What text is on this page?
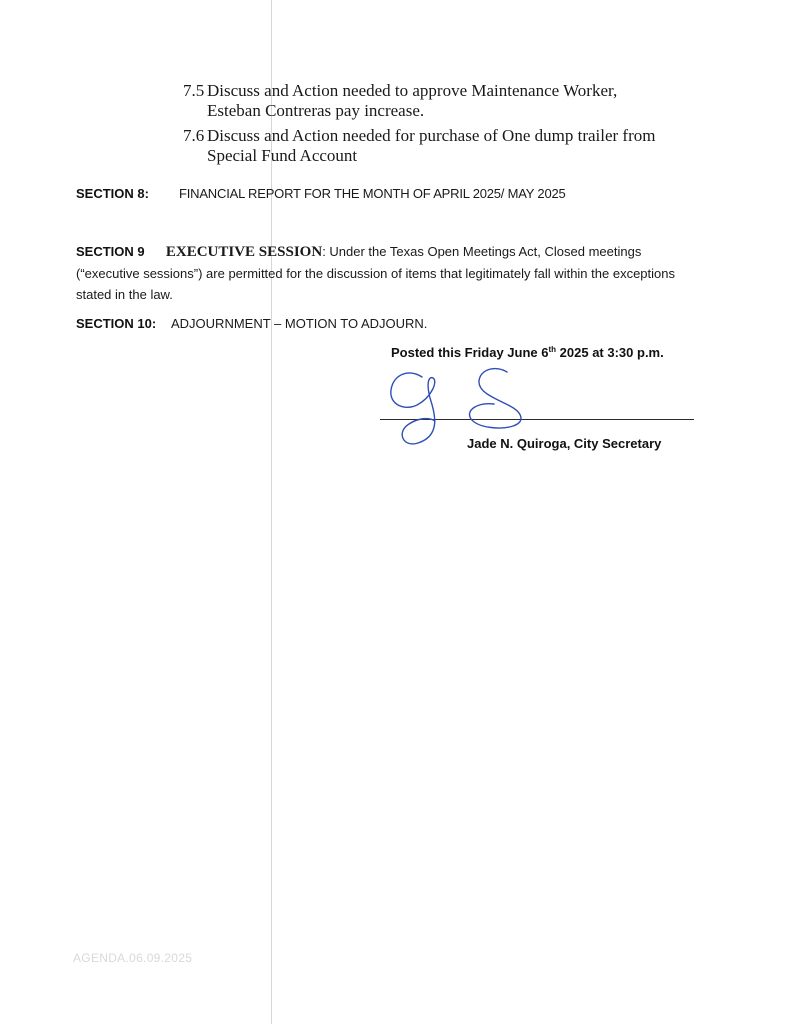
7.5 Discuss and Action needed to approve Maintenance Worker,
Esteban Contreras pay increase.
7.6 Discuss and Action needed for purchase of One dump trailer from
Special Fund Account
SECTION 8: FINANCIAL REPORT FOR THE MONTH OF APRIL 2025/ MAY 2025
SECTION 9 EXECUTIVE SESSION: Under the Texas Open Meetings Act, Closed meetings (“executive sessions”) are permitted for the discussion of items that legitimately fall within the exceptions stated in the law.
SECTION 10: ADJOURNMENT – MOTION TO ADJOURN.
Posted this Friday June 6th 2025 at 3:30 p.m.
Jade N. Quiroga, City Secretary
AGENDA.06.09.2025
